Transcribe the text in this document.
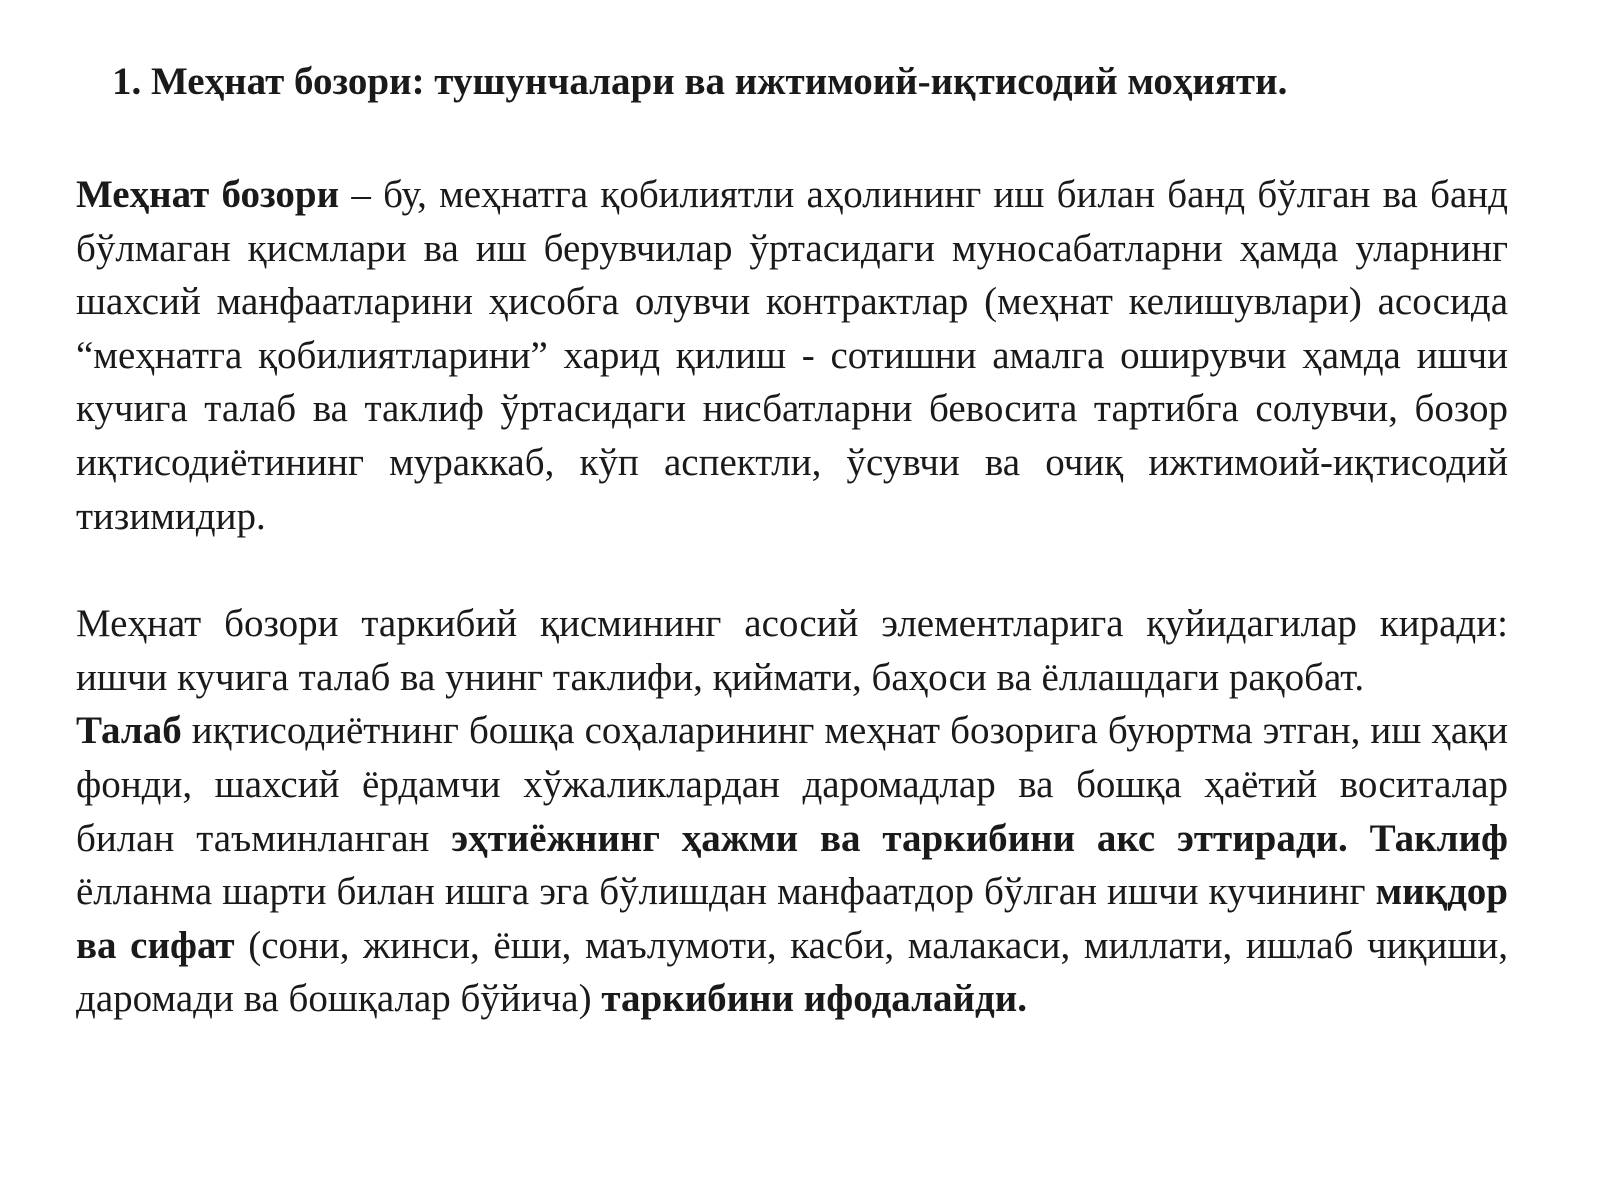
1. Меҳнат бозори: тушунчалари ва ижтимоий-иқтисодий моҳияти.

Меҳнат бозори – бу, меҳнатга қобилиятли аҳолининг иш билан банд бўлган ва банд бўлмаган қисмлари ва иш берувчилар ўртасидаги муносабатларни ҳамда уларнинг шахсий манфаатларини ҳисобга олувчи контрактлар (меҳнат келишувлари) асосида “меҳнатга қобилиятларини” харид қилиш - сотишни амалга оширувчи ҳамда ишчи кучига талаб ва таклиф ўртасидаги нисбатларни бевосита тартибга солувчи, бозор иқтисодиётининг мураккаб, кўп аспектли, ўсувчи ва очиқ ижтимоий-иқтисодий тизимидир.

Меҳнат бозори таркибий қисмининг асосий элементларига қуйидагилар киради: ишчи кучига талаб ва унинг таклифи, қиймати, баҳоси ва ёллашдаги рақобат.

Талаб иқтисодиётнинг бошқа соҳаларининг меҳнат бозорига буюртма этган, иш ҳақи фонди, шахсий ёрдамчи хўжаликлардан даромадлар ва бошқа ҳаётий воситалар билан таъминланган эҳтиёжнинг ҳажми ва таркибини акс эттиради. Таклиф ёлланма шарти билан ишга эга бўлишдан манфаатдор бўлган ишчи кучининг миқдор ва сифат (сони, жинси, ёши, маълумоти, касби, малакаси, миллати, ишлаб чиқиши, даромади ва бошқалар бўйича) таркибини ифодалайди.
